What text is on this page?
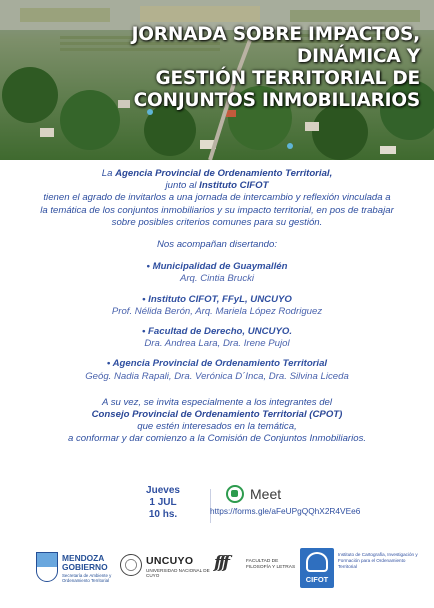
JORNADA SOBRE IMPACTOS,
DINÁMICA Y
GESTIÓN TERRITORIAL DE
CONJUNTOS INMOBILIARIOS

La Agencia Provincial de Ordenamiento Territorial,

junto al Instituto CIFOT

tienen el agrado de invitarlos a una jornada de intercambio y reflexión vinculada a

la temática de los conjuntos inmobiliarios y su impacto territorial, en pos de trabajar

sobre posibles criterios comunes para su gestión.

Nos acompañan disertando:

• Municipalidad de Guaymallén

Arq. Cintia Brucki

• Instituto CIFOT, FFyL, UNCUYO

Prof. Nélida Berón, Arq. Mariela López Rodriguez

• Facultad de Derecho, UNCUYO.

Dra. Andrea Lara, Dra. Irene Pujol

• Agencia Provincial de Ordenamiento Territorial

Geóg. Nadia Rapali, Dra. Verónica D´Inca, Dra. Silvina Liceda

A su vez, se invita especialmente a los integrantes del

Consejo Provincial de Ordenamiento Territorial (CPOT)

que estén interesados en la temática,

a conformar y dar comienzo a la Comisión de Conjuntos Inmobiliarios.

Jueves
1 JUL
10 hs.
Meet
https://forms.gle/aFeUPgQQhX2R4VEe6
MENDOZA
GOBIERNO
Secretaría de Ambiente y Ordenamiento Territorial
UNCUYO
UNIVERSIDAD NACIONAL DE CUYO
fff	FACULTAD DE FILOSOFÍA Y LETRAS
CIFOT
Instituto de Cartografía, Investigación y Formación para el Ordenamiento Territorial
